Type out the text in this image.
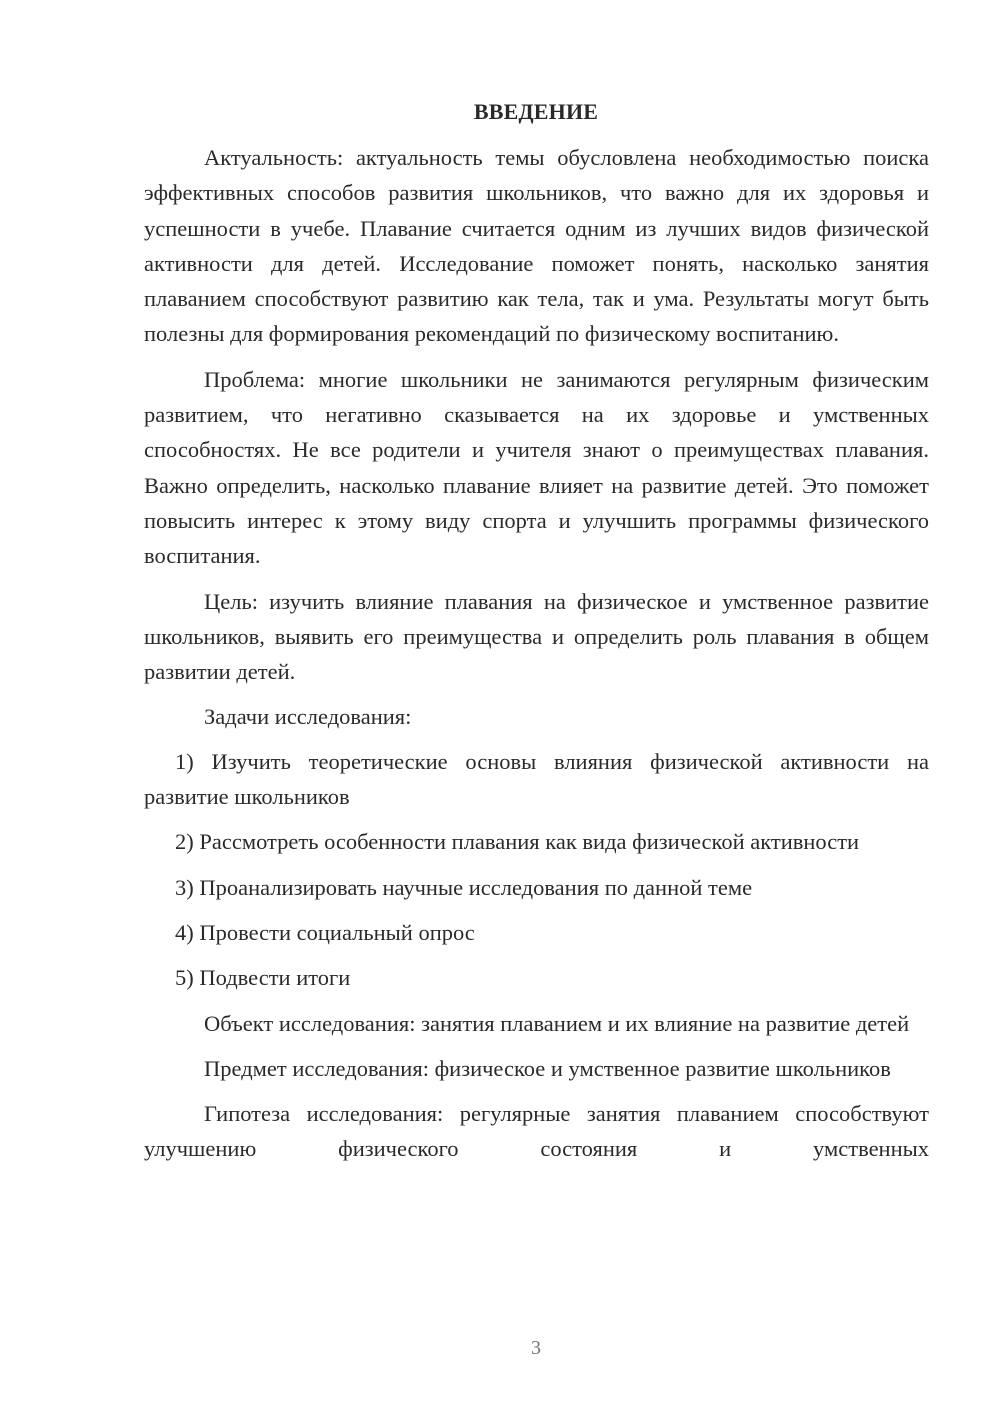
ВВЕДЕНИЕ

Актуальность: актуальность темы обусловлена необходимостью поиска эффективных способов развития школьников, что важно для их здоровья и успешности в учебе. Плавание считается одним из лучших видов физической активности для детей. Исследование поможет понять, насколько занятия плаванием способствуют развитию как тела, так и ума. Результаты могут быть полезны для формирования рекомендаций по физическому воспитанию.

Проблема: многие школьники не занимаются регулярным физическим развитием, что негативно сказывается на их здоровье и умственных способностях. Не все родители и учителя знают о преимуществах плавания. Важно определить, насколько плавание влияет на развитие детей. Это поможет повысить интерес к этому виду спорта и улучшить программы физического воспитания.

Цель: изучить влияние плавания на физическое и умственное развитие школьников, выявить его преимущества и определить роль плавания в общем развитии детей.

Задачи исследования:

1) Изучить теоретические основы влияния физической активности на развитие школьников

2) Рассмотреть особенности плавания как вида физической активности

3) Проанализировать научные исследования по данной теме

4) Провести социальный опрос

5) Подвести итоги

Объект исследования: занятия плаванием и их влияние на развитие детей

Предмет исследования: физическое и умственное развитие школьников

Гипотеза исследования: регулярные занятия плаванием способствуют улучшению физического состояния и умственных

3
